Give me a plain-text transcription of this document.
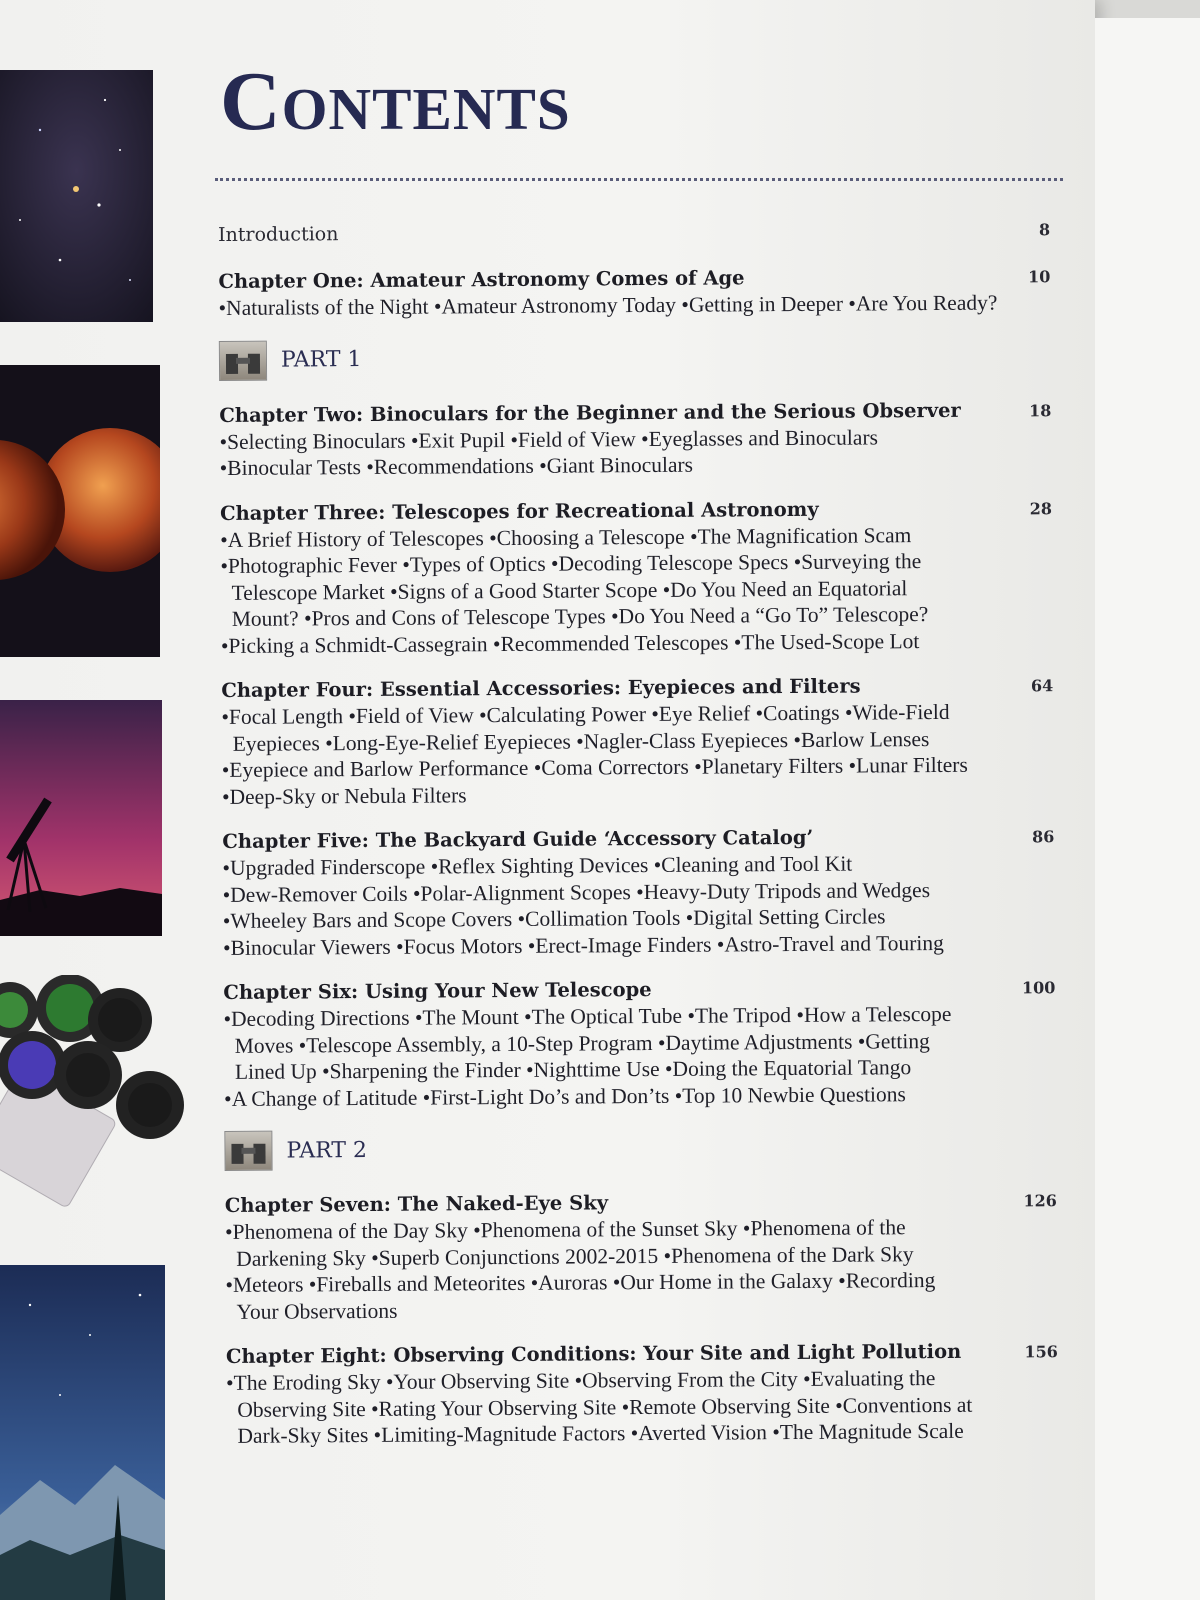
Contents
Introduction	8
Chapter One: Amateur Astronomy Comes of Age	10
•Naturalists of the Night •Amateur Astronomy Today •Getting in Deeper •Are You Ready?
PART 1
Chapter Two: Binoculars for the Beginner and the Serious Observer	18
•Selecting Binoculars •Exit Pupil •Field of View •Eyeglasses and Binoculars
•Binocular Tests •Recommendations •Giant Binoculars
Chapter Three: Telescopes for Recreational Astronomy	28
•A Brief History of Telescopes •Choosing a Telescope •The Magnification Scam
•Photographic Fever •Types of Optics •Decoding Telescope Specs •Surveying the
Telescope Market •Signs of a Good Starter Scope •Do You Need an Equatorial
Mount? •Pros and Cons of Telescope Types •Do You Need a “Go To” Telescope?
•Picking a Schmidt-Cassegrain •Recommended Telescopes •The Used-Scope Lot
Chapter Four: Essential Accessories: Eyepieces and Filters	64
•Focal Length •Field of View •Calculating Power •Eye Relief •Coatings •Wide-Field
Eyepieces •Long-Eye-Relief Eyepieces •Nagler-Class Eyepieces •Barlow Lenses
•Eyepiece and Barlow Performance •Coma Correctors •Planetary Filters •Lunar Filters
•Deep-Sky or Nebula Filters
Chapter Five: The Backyard Guide ‘Accessory Catalog’	86
•Upgraded Finderscope •Reflex Sighting Devices •Cleaning and Tool Kit
•Dew-Remover Coils •Polar-Alignment Scopes •Heavy-Duty Tripods and Wedges
•Wheeley Bars and Scope Covers •Collimation Tools •Digital Setting Circles
•Binocular Viewers •Focus Motors •Erect-Image Finders •Astro-Travel and Touring
Chapter Six: Using Your New Telescope	100
•Decoding Directions •The Mount •The Optical Tube •The Tripod •How a Telescope
Moves •Telescope Assembly, a 10-Step Program •Daytime Adjustments •Getting
Lined Up •Sharpening the Finder •Nighttime Use •Doing the Equatorial Tango
•A Change of Latitude •First-Light Do’s and Don’ts •Top 10 Newbie Questions
PART 2
Chapter Seven: The Naked-Eye Sky	126
•Phenomena of the Day Sky •Phenomena of the Sunset Sky •Phenomena of the
Darkening Sky •Superb Conjunctions 2002-2015 •Phenomena of the Dark Sky
•Meteors •Fireballs and Meteorites •Auroras •Our Home in the Galaxy •Recording
Your Observations
Chapter Eight: Observing Conditions: Your Site and Light Pollution	156
•The Eroding Sky •Your Observing Site •Observing From the City •Evaluating the
Observing Site •Rating Your Observing Site •Remote Observing Site •Conventions at
Dark-Sky Sites •Limiting-Magnitude Factors •Averted Vision •The Magnitude Scale
